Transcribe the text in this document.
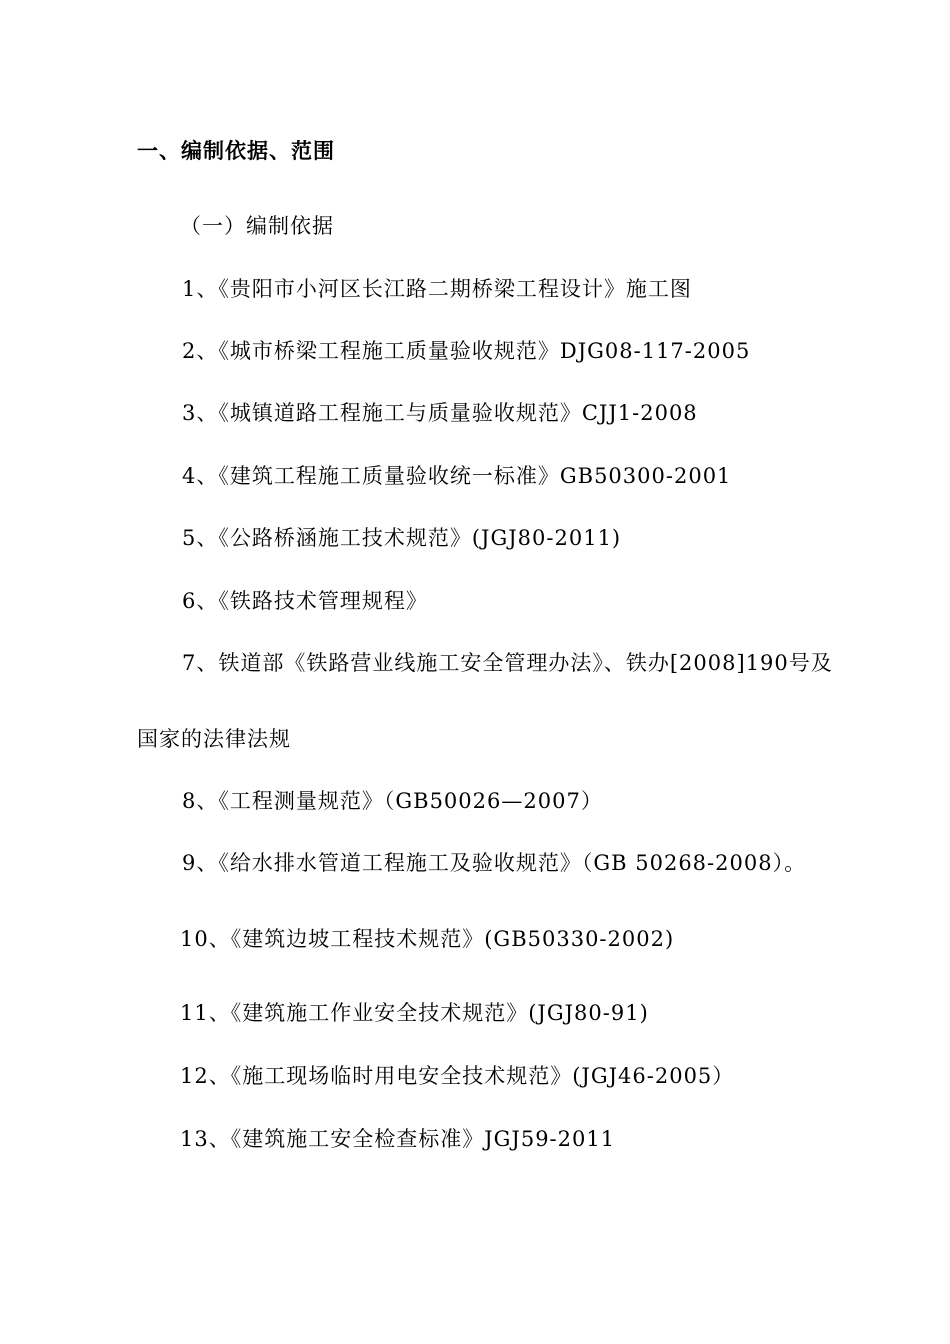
一、编制依据、范围
（一）编制依据
1、《贵阳市小河区长江路二期桥梁工程设计》施工图
2、《城市桥梁工程施工质量验收规范》DJG08-117-2005
3、《城镇道路工程施工与质量验收规范》CJJ1-2008
4、《建筑工程施工质量验收统一标准》GB50300-2001
5、《公路桥涵施工技术规范》(JGJ80-2011)
6、《铁路技术管理规程》
7、铁道部《铁路营业线施工安全管理办法》、铁办[2008]190号及
国家的法律法规
8、《工程测量规范》（GB50026—2007）
9、《给水排水管道工程施工及验收规范》（GB 50268-2008）。
10、《建筑边坡工程技术规范》(GB50330-2002)
11、《建筑施工作业安全技术规范》(JGJ80-91)
12、《施工现场临时用电安全技术规范》(JGJ46-2005）
13、《建筑施工安全检查标准》JGJ59-2011
